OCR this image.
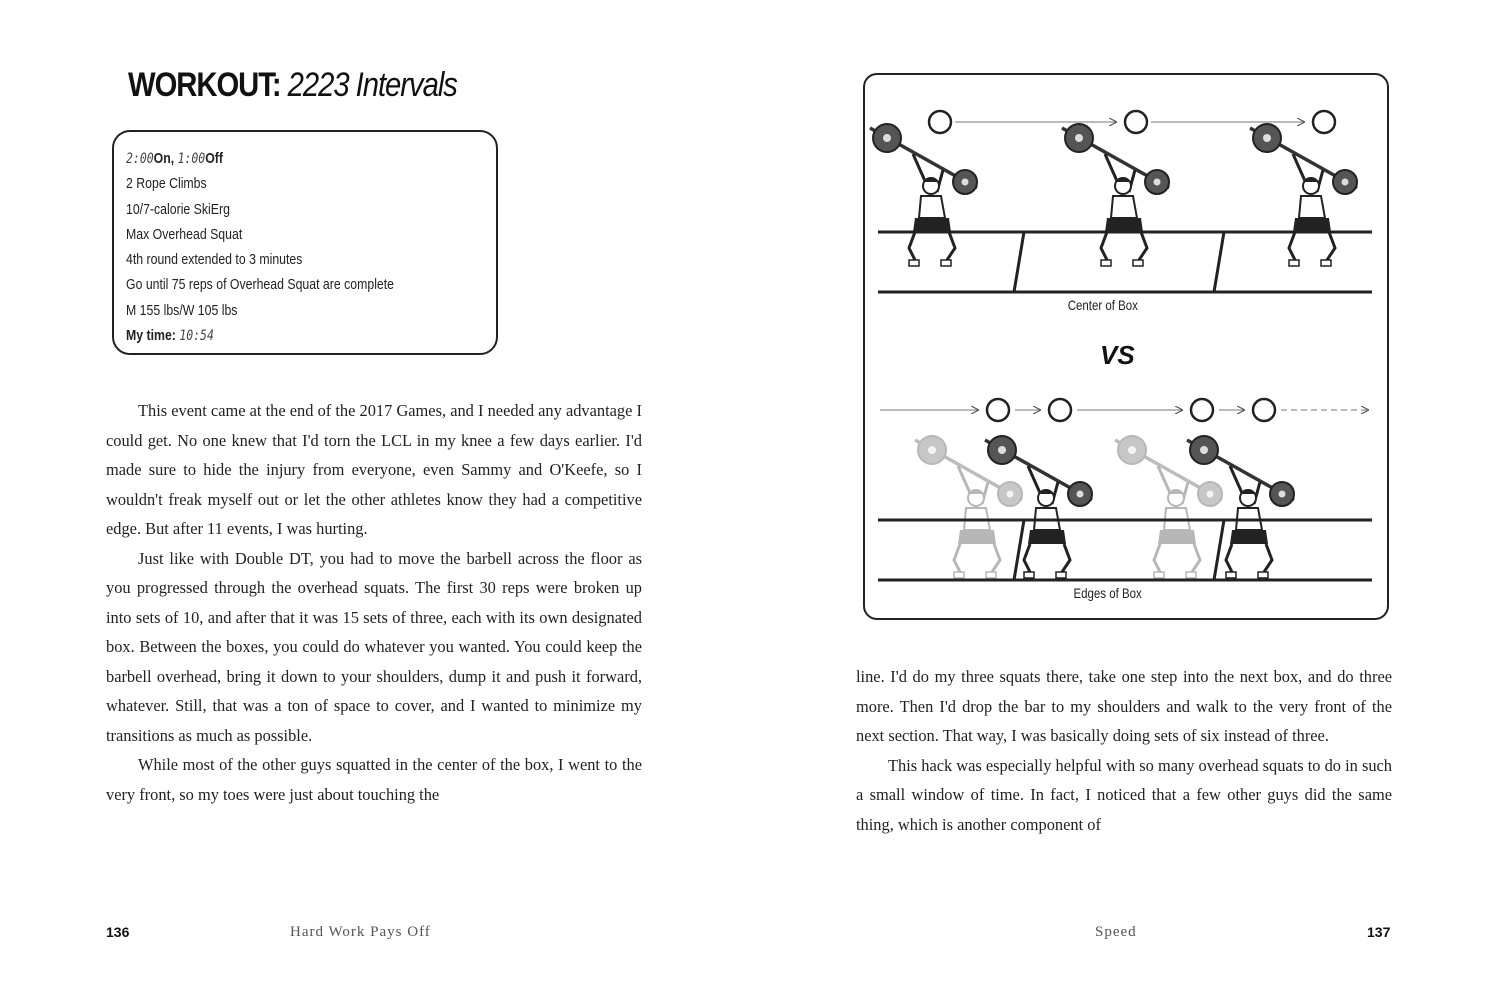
WORKOUT: 2223 Intervals
2:00On, 1:00Off
2 Rope Climbs
10/7-calorie SkiErg
Max Overhead Squat
4th round extended to 3 minutes
Go until 75 reps of Overhead Squat are complete
M 155 lbs/W 105 lbs
My time: 10:54

This event came at the end of the 2017 Games, and I needed any advantage I could get. No one knew that I'd torn the LCL in my knee a few days earlier. I'd made sure to hide the injury from everyone, even Sammy and O'Keefe, so I wouldn't freak myself out or let the other athletes know they had a competitive edge. But after 11 events, I was hurting.

Just like with Double DT, you had to move the barbell across the floor as you progressed through the overhead squats. The first 30 reps were broken up into sets of 10, and after that it was 15 sets of three, each with its own designated box. Between the boxes, you could do whatever you wanted. You could keep the barbell overhead, bring it down to your shoulders, dump it and push it forward, whatever. Still, that was a ton of space to cover, and I wanted to minimize my transitions as much as possible.

While most of the other guys squatted in the center of the box, I went to the very front, so my toes were just about touching the

136	Hard Work Pays Off
Center of Box
VS
Edges of Box

line. I'd do my three squats there, take one step into the next box, and do three more. Then I'd drop the bar to my shoulders and walk to the very front of the next section. That way, I was basically doing sets of six instead of three.

This hack was especially helpful with so many overhead squats to do in such a small window of time. In fact, I noticed that a few other guys did the same thing, which is another component of

Speed	137
